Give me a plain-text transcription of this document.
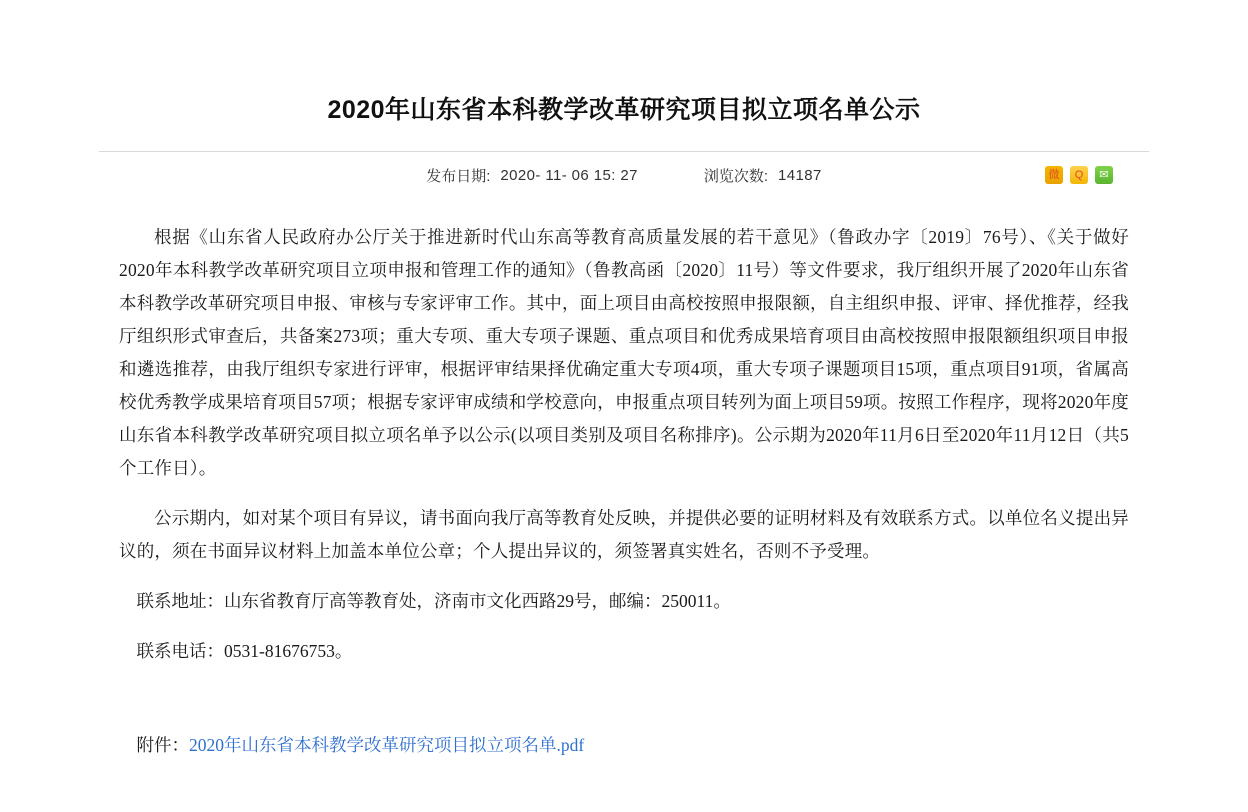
2020年山东省本科教学改革研究项目拟立项名单公示
发布日期: 2020- 11- 06 15: 27	浏览次数: 14187	微	Q	✉

根据《山东省人民政府办公厅关于推进新时代山东高等教育高质量发展的若干意见》（鲁政办字〔2019〕76号）、《关于做好2020年本科教学改革研究项目立项申报和管理工作的通知》（鲁教高函〔2020〕11号）等文件要求，我厅组织开展了2020年山东省本科教学改革研究项目申报、审核与专家评审工作。其中，面上项目由高校按照申报限额，自主组织申报、评审、择优推荐，经我厅组织形式审查后，共备案273项；重大专项、重大专项子课题、重点项目和优秀成果培育项目由高校按照申报限额组织项目申报和遴选推荐，由我厅组织专家进行评审，根据评审结果择优确定重大专项4项，重大专项子课题项目15项，重点项目91项，省属高校优秀教学成果培育项目57项；根据专家评审成绩和学校意向，申报重点项目转列为面上项目59项。按照工作程序，现将2020年度山东省本科教学改革研究项目拟立项名单予以公示(以项目类别及项目名称排序)。公示期为2020年11月6日至2020年11月12日（共5个工作日）。

公示期内，如对某个项目有异议，请书面向我厅高等教育处反映，并提供必要的证明材料及有效联系方式。以单位名义提出异议的，须在书面异议材料上加盖本单位公章；个人提出异议的，须签署真实姓名，否则不予受理。

联系地址：山东省教育厅高等教育处，济南市文化西路29号，邮编：250011。

联系电话：0531-81676753。

附件：2020年山东省本科教学改革研究项目拟立项名单.pdf
